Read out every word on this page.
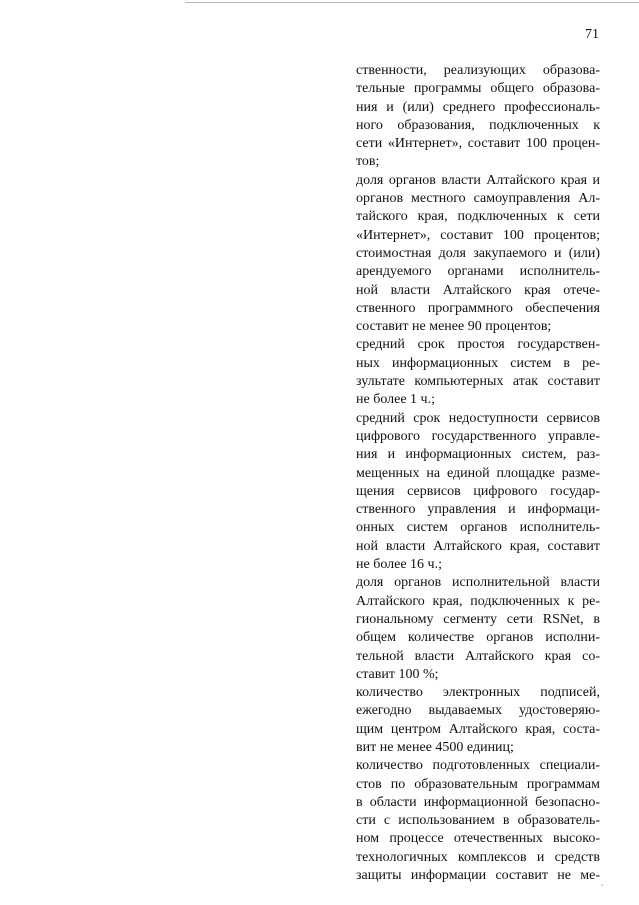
71
ственности, реализующих образова-
тельные программы общего образова-
ния и (или) среднего профессиональ-
ного образования, подключенных к
сети «Интернет», составит 100 процен-
тов;
доля органов власти Алтайского края и
органов местного самоуправления Ал-
тайского края, подключенных к сети
«Интернет», составит 100 процентов;
стоимостная доля закупаемого и (или)
арендуемого органами исполнитель-
ной власти Алтайского края отече-
ственного программного обеспечения
составит не менее 90 процентов;
средний срок простоя государствен-
ных информационных систем в ре-
зультате компьютерных атак составит
не более 1 ч.;
средний срок недоступности сервисов
цифрового государственного управле-
ния и информационных систем, раз-
мещенных на единой площадке разме-
щения сервисов цифрового государ-
ственного управления и информаци-
онных систем органов исполнитель-
ной власти Алтайского края, составит
не более 16 ч.;
доля органов исполнительной власти
Алтайского края, подключенных к ре-
гиональному сегменту сети RSNet, в
общем количестве органов исполни-
тельной власти Алтайского края со-
ставит 100 %;
количество электронных подписей,
ежегодно выдаваемых удостоверяю-
щим центром Алтайского края, соста-
вит не менее 4500 единиц;
количество подготовленных специали-
стов по образовательным программам
в области информационной безопасно-
сти с использованием в образователь-
ном процессе отечественных высоко-
технологичных комплексов и средств
защиты информации составит не ме-
